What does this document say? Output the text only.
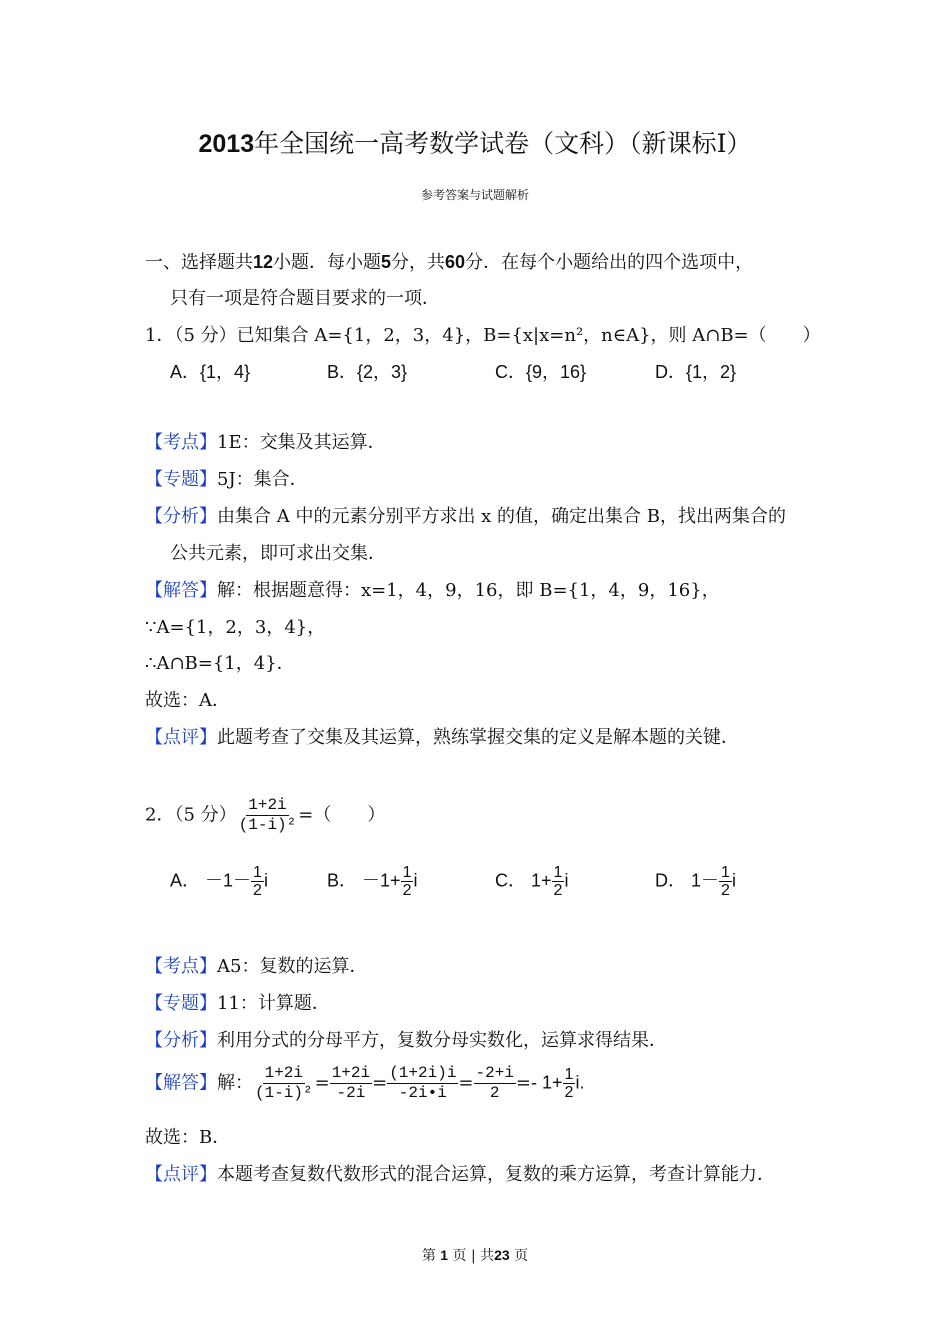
2013年全国统一高考数学试卷（文科）（新课标Ⅰ）
参考答案与试题解析
一、选择题共12小题．每小题5分，共60分．在每个小题给出的四个选项中，
只有一项是符合题目要求的一项．
1．（5 分）已知集合 A={1，2，3，4}，B={x|x=n²，n∈A}，则 A∩B=（　　）
A．{1，4}	B．{2，3}	C．{9，16}	D．{1，2}
【考点】1E：交集及其运算．
【专题】5J：集合．
【分析】由集合 A 中的元素分别平方求出 x 的值，确定出集合 B，找出两集合的
公共元素，即可求出交集．
【解答】解：根据题意得：x=1，4，9，16，即 B={1，4，9，16}，
∵A={1，2，3，4}，
∴A∩B={1，4}．
故选：A．
【点评】此题考查了交集及其运算，熟练掌握交集的定义是解本题的关键．
2．（5 分） $\frac{1+2i}{\text{(1-i)²}}$ =（　　）
A． $-1- \frac{1}{2}$ i	B． $-1+ \frac{1}{2}$ i	C． $1+ \frac{1}{2}$ i	D． $1- \frac{1}{2}$ i
【考点】A5：复数的运算．
【专题】11：计算题．
【分析】利用分式的分母平方，复数分母实数化，运算求得结果．
【解答】解： $\frac{1+2i}{\text{(1-i)²}} = \frac{1+2i}{-2i} = \frac{(1+2i)i}{-2i•i} = \frac{-2+i}{2} =- 1+ \frac{1}{2} i$.
故选：B．
【点评】本题考查复数代数形式的混合运算，复数的乘方运算，考查计算能力．
第 1 页 | 共23 页
